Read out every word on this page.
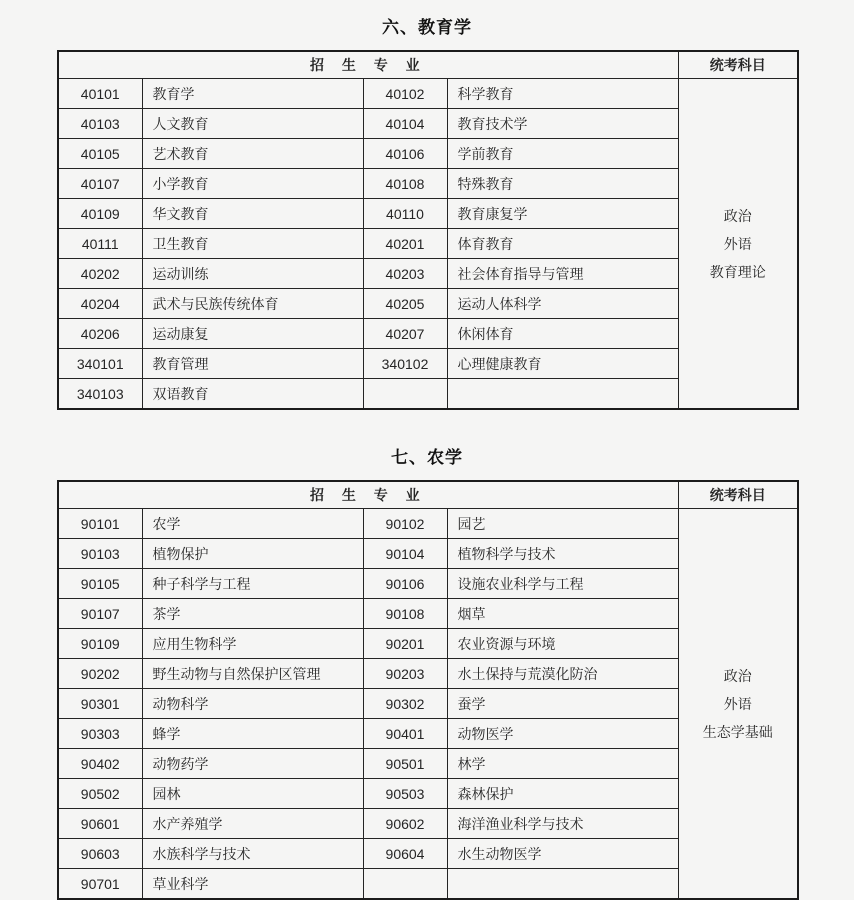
六、教育学
招 生 专 业				统考科目
40101	教育学	40102	科学教育	政治
外语
教育理论

40103	人文教育	40104	教育技术学	
40105	艺术教育	40106	学前教育	
40107	小学教育	40108	特殊教育	
40109	华文教育	40110	教育康复学	
40111	卫生教育	40201	体育教育	
40202	运动训练	40203	社会体育指导与管理	
40204	武术与民族传统体育	40205	运动人体科学	
40206	运动康复	40207	休闲体育	
340101	教育管理	340102	心理健康教育	
340103	双语教育			
七、农学
招 生 专 业				统考科目
90101	农学	90102	园艺	政治
外语
生态学基础

90103	植物保护	90104	植物科学与技术	
90105	种子科学与工程	90106	设施农业科学与工程	
90107	茶学	90108	烟草	
90109	应用生物科学	90201	农业资源与环境	
90202	野生动物与自然保护区管理	90203	水土保持与荒漠化防治	
90301	动物科学	90302	蚕学	
90303	蜂学	90401	动物医学	
90402	动物药学	90501	林学	
90502	园林	90503	森林保护	
90601	水产养殖学	90602	海洋渔业科学与技术	
90603	水族科学与技术	90604	水生动物医学	
90701	草业科学			
